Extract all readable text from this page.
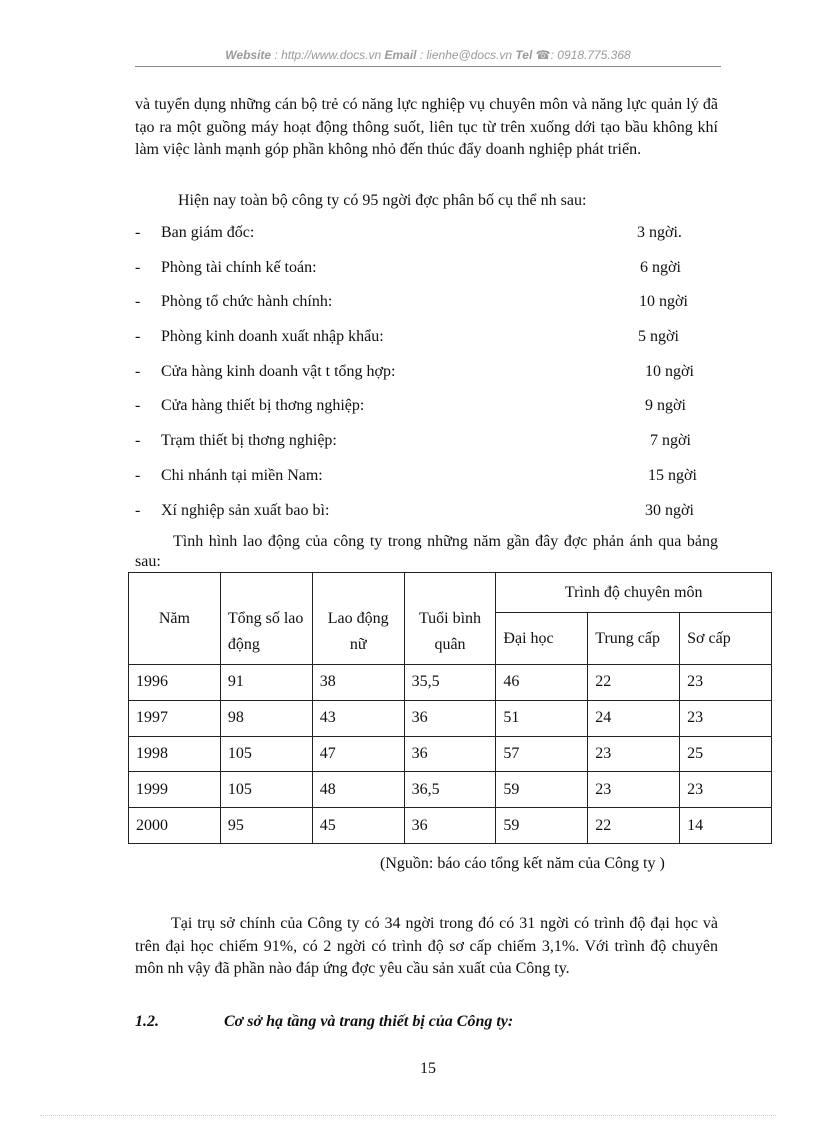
Website : http://www.docs.vn Email : lienhe@docs.vn Tel ☎: 0918.775.368

và tuyển dụng những cán bộ trẻ có năng lực nghiệp vụ chuyên môn và năng lực quản lý đã tạo ra một guồng máy hoạt động thông suốt, liên tục từ trên xuống dới tạo bầu không khí làm việc lành mạnh góp phần không nhỏ đến thúc đẩy doanh nghiệp phát triển.

Hiện nay toàn bộ công ty có 95 ngời đợc phân bố cụ thể nh sau:

-	Ban giám đốc:	3 ngời.
-	Phòng tài chính kế toán:	6 ngời
-	Phòng tổ chức hành chính:	10 ngời
-	Phòng kinh doanh xuất nhập khẩu:	5 ngời
-	Cửa hàng kinh doanh vật t tổng hợp:	10 ngời
-	Cửa hàng thiết bị thơng nghiệp:	9 ngời
-	Trạm thiết bị thơng nghiệp:	7 ngời
-	Chi nhánh tại miền Nam:	15 ngời
-	Xí nghiệp sản xuất bao bì:	30 ngời

Tình hình lao động của công ty trong những năm gần đây đợc phản ánh qua bảng sau:

Năm	Tổng số lao động	Lao động nữ	Tuổi bình quân	Trình độ chuyên môn		
				Đại học	Trung cấp	Sơ cấp
1996	91	38	35,5	46	22	23
1997	98	43	36	51	24	23
1998	105	47	36	57	23	25
1999	105	48	36,5	59	23	23
2000	95	45	36	59	22	14
(Nguồn: báo cáo tổng kết năm của Công ty )

Tại trụ sở chính của Công ty có 34 ngời trong đó có 31 ngời có trình độ đại học và trên đại học chiếm 91%, có 2 ngời có trình độ sơ cấp chiếm 3,1%. Với trình độ chuyên môn nh vậy đã phần nào đáp ứng đợc yêu cầu sản xuất của Công ty.

1.2.	Cơ sở hạ tầng và trang thiết bị của Công ty:
15
